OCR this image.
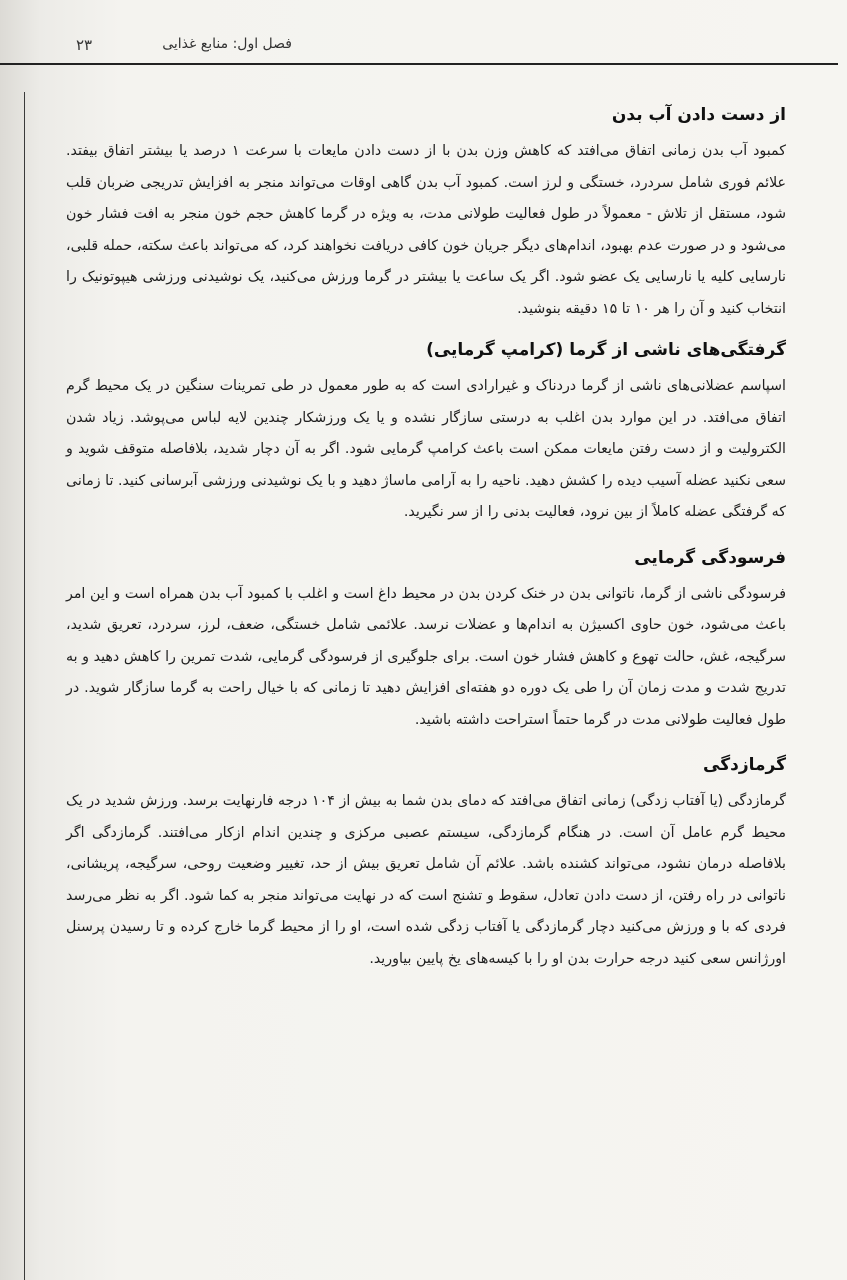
فصل اول: منابع غذایی
۲۳
از دست دادن آب بدن

کمبود آب بدن زمانی اتفاق می‌افتد که کاهش وزن بدن با از دست دادن مایعات با سرعت ۱ درصد یا بیشتر اتفاق بیفتد. علائم فوری شامل سردرد، خستگی و لرز است. کمبود آب بدن گاهی اوقات می‌تواند منجر به افزایش تدریجی ضربان قلب شود، مستقل از تلاش - معمولاً در طول فعالیت طولانی مدت، به ویژه در گرما کاهش حجم خون منجر به افت فشار خون می‌شود و در صورت عدم بهبود، اندام‌های دیگر جریان خون کافی دریافت نخواهند کرد، که می‌تواند باعث سکته، حمله قلبی، نارسایی کلیه یا نارسایی یک عضو شود. اگر یک ساعت یا بیشتر در گرما ورزش می‌کنید، یک نوشیدنی ورزشی هیپوتونیک را انتخاب کنید و آن را هر ۱۰ تا ۱۵ دقیقه بنوشید.

گرفتگی‌های ناشی از گرما (کرامپ گرمایی)

اسپاسم عضلانی‌های ناشی از گرما دردناک و غیرارادی است که به طور معمول در طی تمرینات سنگین در یک محیط گرم اتفاق می‌افتد. در این موارد بدن اغلب به درستی سازگار نشده و یا یک ورزشکار چندین لایه لباس می‌پوشد. زیاد شدن الکترولیت و از دست رفتن مایعات ممکن است باعث کرامپ گرمایی شود. اگر به آن دچار شدید، بلافاصله متوقف شوید و سعی نکنید عضله آسیب دیده را کشش دهید. ناحیه را به آرامی ماساژ دهید و با یک نوشیدنی ورزشی آبرسانی کنید. تا زمانی که گرفتگی عضله کاملاً از بین نرود، فعالیت بدنی را از سر نگیرید.

فرسودگی گرمایی

فرسودگی ناشی از گرما، ناتوانی بدن در خنک کردن بدن در محیط داغ است و اغلب با کمبود آب بدن همراه است و این امر باعث می‌شود، خون حاوی اکسیژن به اندام‌ها و عضلات نرسد. علائمی شامل خستگی، ضعف، لرز، سردرد، تعریق شدید، سرگیجه، غش، حالت تهوع و کاهش فشار خون است. برای جلوگیری از فرسودگی گرمایی، شدت تمرین را کاهش دهید و به تدریج شدت و مدت زمان آن را طی یک دوره دو هفته‌ای افزایش دهید تا زمانی که با خیال راحت به گرما سازگار شوید. در طول فعالیت طولانی مدت در گرما حتماً استراحت داشته باشید.

گرمازدگی

گرمازدگی (یا آفتاب زدگی) زمانی اتفاق می‌افتد که دمای بدن شما به بیش از ۱۰۴ درجه فارنهایت برسد. ورزش شدید در یک محیط گرم عامل آن است. در هنگام گرمازدگی، سیستم عصبی مرکزی و چندین اندام ازکار می‌افتند. گرمازدگی اگر بلافاصله درمان نشود، می‌تواند کشنده باشد. علائم آن شامل تعریق بیش از حد، تغییر وضعیت روحی، سرگیجه، پریشانی، ناتوانی در راه رفتن، از دست دادن تعادل، سقوط و تشنج است که در نهایت می‌تواند منجر به کما شود. اگر به نظر می‌رسد فردی که با و ورزش می‌کنید دچار گرمازدگی یا آفتاب زدگی شده است، او را از محیط گرما خارج کرده و تا رسیدن پرسنل اورژانس سعی کنید درجه حرارت بدن او را با کیسه‌های یخ پایین بیاورید.
